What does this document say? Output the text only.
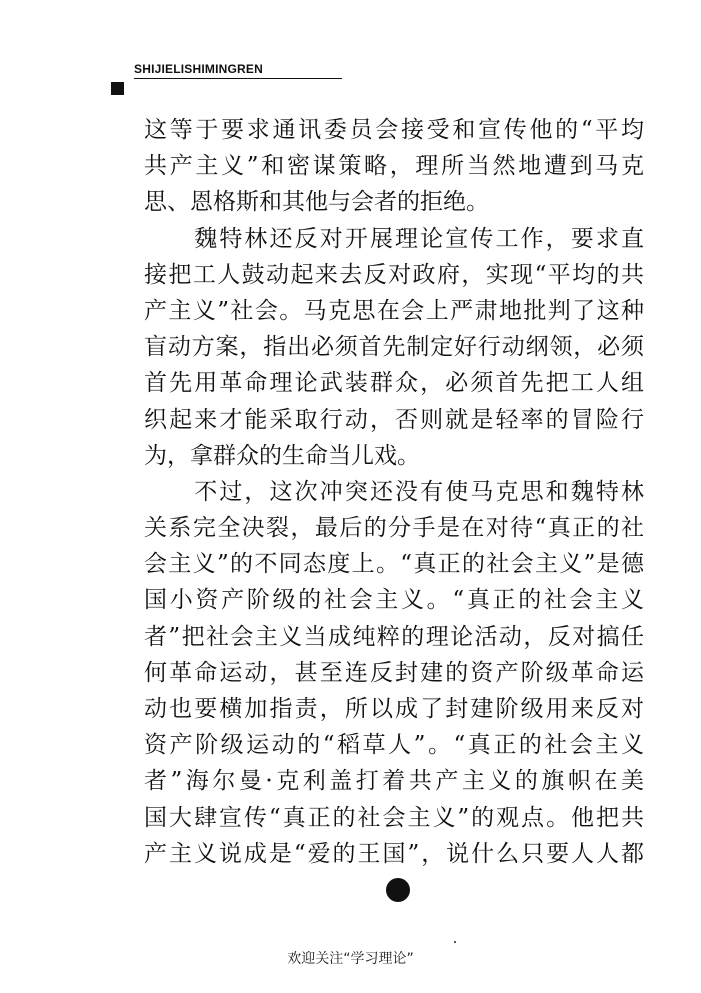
SHIJIELISHIMINGREN
这等于要求通讯委员会接受和宣传他的“平均
共产主义”和密谋策略，理所当然地遭到马克
思、恩格斯和其他与会者的拒绝。
　　魏特林还反对开展理论宣传工作，要求直
接把工人鼓动起来去反对政府，实现“平均的共
产主义”社会。马克思在会上严肃地批判了这种
盲动方案，指出必须首先制定好行动纲领，必须
首先用革命理论武装群众，必须首先把工人组
织起来才能采取行动，否则就是轻率的冒险行
为，拿群众的生命当儿戏。
　　不过，这次冲突还没有使马克思和魏特林
关系完全决裂，最后的分手是在对待“真正的社
会主义”的不同态度上。“真正的社会主义”是德
国小资产阶级的社会主义。“真正的社会主义
者”把社会主义当成纯粹的理论活动，反对搞任
何革命运动，甚至连反封建的资产阶级革命运
动也要横加指责，所以成了封建阶级用来反对
资产阶级运动的“稻草人”。“真正的社会主义
者”海尔曼·克利盖打着共产主义的旗帜在美
国大肆宣传“真正的社会主义”的观点。他把共
产主义说成是“爱的王国”，说什么只要人人都
欢迎关注“学习理论”
